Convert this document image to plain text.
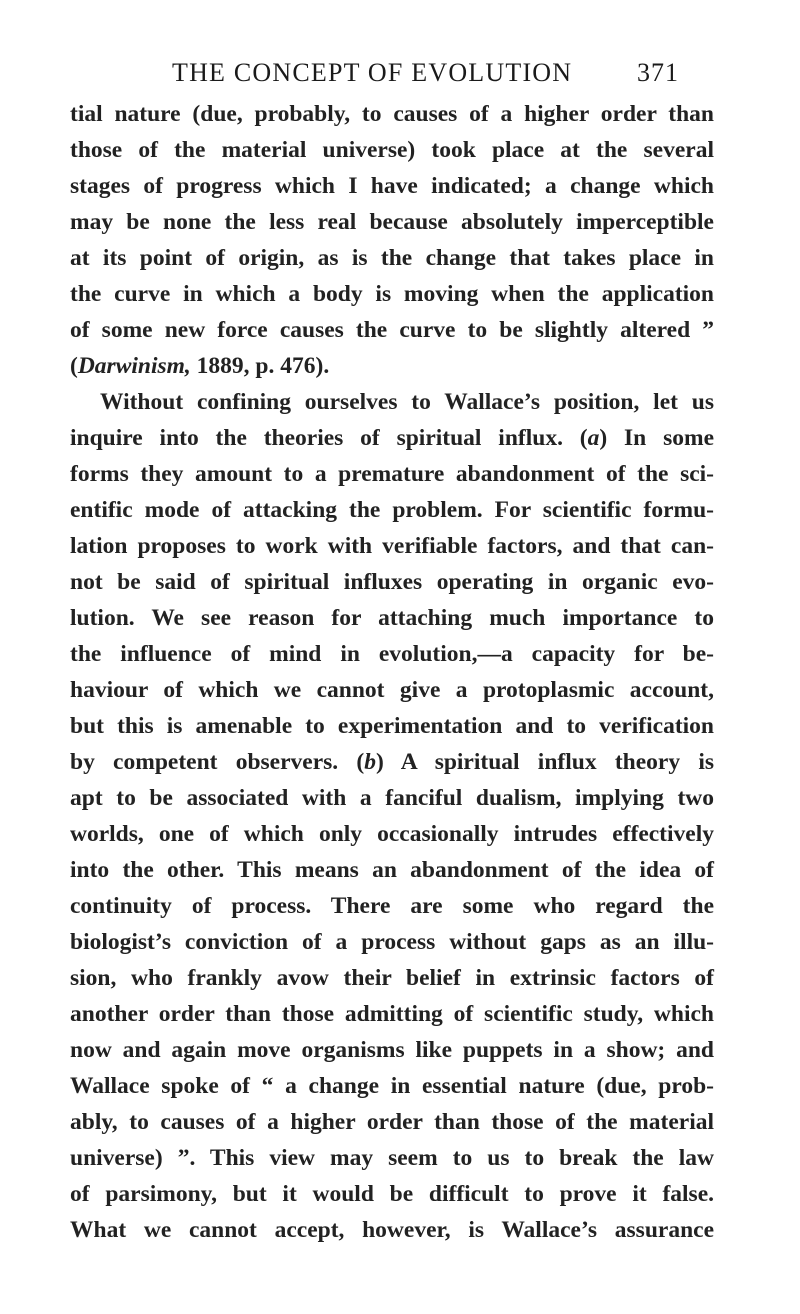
THE CONCEPT OF EVOLUTION 371
tial nature (due, probably, to causes of a higher order than
those of the material universe) took place at the several
stages of progress which I have indicated; a change which
may be none the less real because absolutely imperceptible
at its point of origin, as is the change that takes place in
the curve in which a body is moving when the application
of some new force causes the curve to be slightly altered ”
(Darwinism, 1889, p. 476).
Without confining ourselves to Wallace’s position, let us
inquire into the theories of spiritual influx. (a) In some
forms they amount to a premature abandonment of the sci-
entific mode of attacking the problem. For scientific formu-
lation proposes to work with verifiable factors, and that can-
not be said of spiritual influxes operating in organic evo-
lution. We see reason for attaching much importance to
the influence of mind in evolution,—a capacity for be-
haviour of which we cannot give a protoplasmic account,
but this is amenable to experimentation and to verification
by competent observers. (b) A spiritual influx theory is
apt to be associated with a fanciful dualism, implying two
worlds, one of which only occasionally intrudes effectively
into the other. This means an abandonment of the idea of
continuity of process. There are some who regard the
biologist’s conviction of a process without gaps as an illu-
sion, who frankly avow their belief in extrinsic factors of
another order than those admitting of scientific study, which
now and again move organisms like puppets in a show; and
Wallace spoke of “ a change in essential nature (due, prob-
ably, to causes of a higher order than those of the material
universe) ”. This view may seem to us to break the law
of parsimony, but it would be difficult to prove it false.
What we cannot accept, however, is Wallace’s assurance
